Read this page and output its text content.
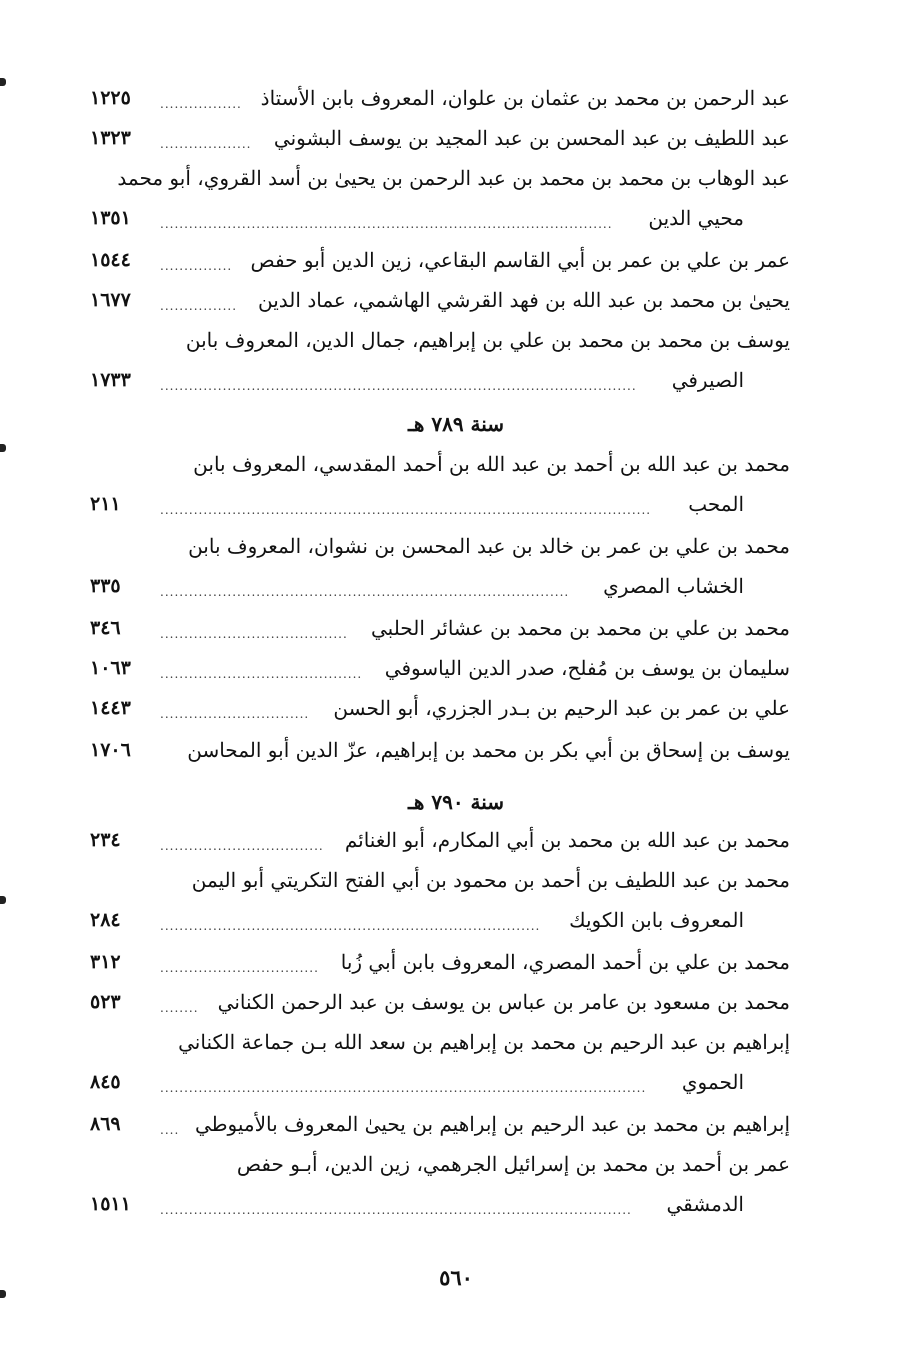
سنة ٧٨٩ هـ
سنة ٧٩٠ هـ
٥٦٠
عبد الرحمن بن محمد بن عثمان بن علوان، المعروف بابن الأستاذ
١٢٢٥	.................
عبد اللطيف بن عبد المحسن بن عبد المجيد بن يوسف البشوني
١٣٢٣	...................
عبد الوهاب بن محمد بن محمد بن عبد الرحمن بن يحيىٰ بن أسد القروي، أبو محمد
محيي الدين
١٣٥١	..............................................................................................
عمر بن علي بن عمر بن أبي القاسم البقاعي، زين الدين أبو حفص
١٥٤٤	...............
يحيىٰ بن محمد بن عبد الله بن فهد القرشي الهاشمي، عماد الدين
١٦٧٧	................
يوسف بن محمد بن محمد بن علي بن إبراهيم، جمال الدين، المعروف بابن
الصيرفي
١٧٣٣	...................................................................................................
محمد بن عبد الله بن أحمد بن عبد الله بن أحمد المقدسي، المعروف بابن
المحب
٢١١	......................................................................................................
محمد بن علي بن عمر بن خالد بن عبد المحسن بن نشوان، المعروف بابن
الخشاب المصري
٣٣٥	.....................................................................................
محمد بن علي بن محمد بن محمد بن عشائر الحلبي
٣٤٦	.......................................
سليمان بن يوسف بن مُفلح، صدر الدين الياسوفي
١٠٦٣	..........................................
علي بن عمر بن عبد الرحيم بن بـدر الجزري، أبو الحسن
١٤٤٣	...............................
يوسف بن إسحاق بن أبي بكر بن محمد بن إبراهيم، عزّ الدين أبو المحاسن
١٧٠٦
محمد بن عبد الله بن محمد بن أبي المكارم، أبو الغنائم
٢٣٤	..................................
محمد بن عبد اللطيف بن أحمد بن محمود بن أبي الفتح التكريتي أبو اليمن
المعروف بابن الكويك
٢٨٤	...............................................................................
محمد بن علي بن أحمد المصري، المعروف بابن أبي زُبا
٣١٢	.................................
محمد بن مسعود بن عامر بن عباس بن يوسف بن عبد الرحمن الكناني
٥٢٣	........
إبراهيم بن عبد الرحيم بن محمد بن إبراهيم بن سعد الله بـن جماعة الكناني
الحموي
٨٤٥	.....................................................................................................
إبراهيم بن محمد بن عبد الرحيم بن إبراهيم بن يحيىٰ المعروف بالأميوطي
٨٦٩	....
عمر بن أحمد بن محمد بن إسرائيل الجرهمي، زين الدين، أبـو حفص
الدمشقي
١٥١١	..................................................................................................
